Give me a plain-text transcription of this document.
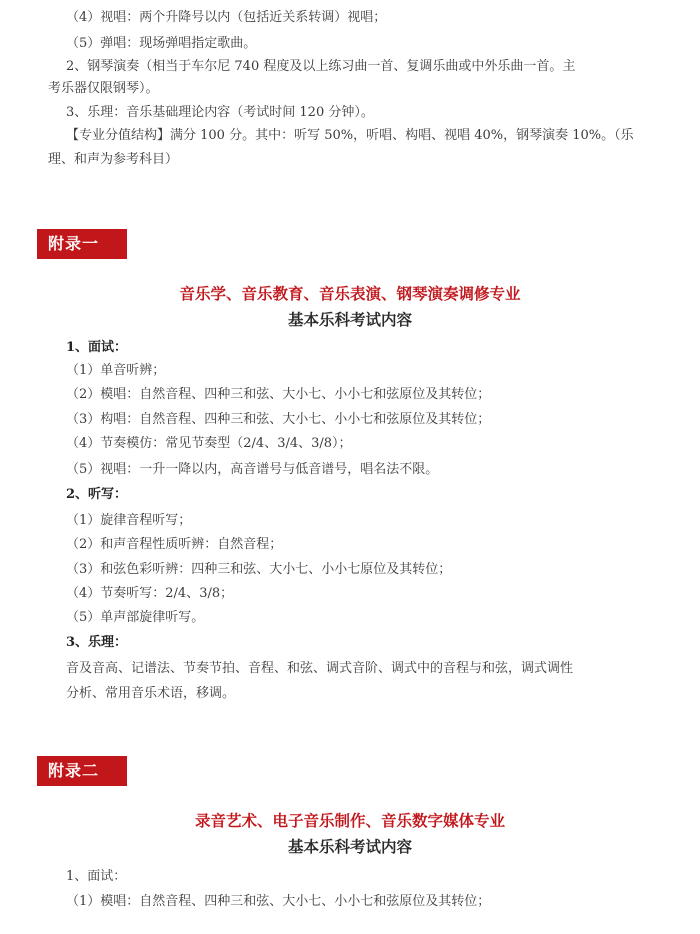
（4）视唱：两个升降号以内（包括近关系转调）视唱；
（5）弹唱：现场弹唱指定歌曲。
2、钢琴演奏（相当于车尔尼 740 程度及以上练习曲一首、复调乐曲或中外乐曲一首。主
考乐器仅限钢琴）。
3、乐理：音乐基础理论内容（考试时间 120 分钟）。
【专业分值结构】满分 100 分。其中：听写 50%，听唱、构唱、视唱 40%，钢琴演奏 10%。（乐
理、和声为参考科目）
附录一
音乐学、音乐教育、音乐表演、钢琴演奏调修专业
基本乐科考试内容
1、面试：
（1）单音听辨；
（2）模唱：自然音程、四种三和弦、大小七、小小七和弦原位及其转位；
（3）构唱：自然音程、四种三和弦、大小七、小小七和弦原位及其转位；
（4）节奏模仿：常见节奏型（2/4、3/4、3/8）；
（5）视唱：一升一降以内，高音谱号与低音谱号，唱名法不限。
2、听写：
（1）旋律音程听写；
（2）和声音程性质听辨：自然音程；
（3）和弦色彩听辨：四种三和弦、大小七、小小七原位及其转位；
（4）节奏听写：2/4、3/8；
（5）单声部旋律听写。
3、乐理：
音及音高、记谱法、节奏节拍、音程、和弦、调式音阶、调式中的音程与和弦，调式调性
分析、常用音乐术语，移调。
附录二
录音艺术、电子音乐制作、音乐数字媒体专业
基本乐科考试内容
1、面试：
（1）模唱：自然音程、四种三和弦、大小七、小小七和弦原位及其转位；
